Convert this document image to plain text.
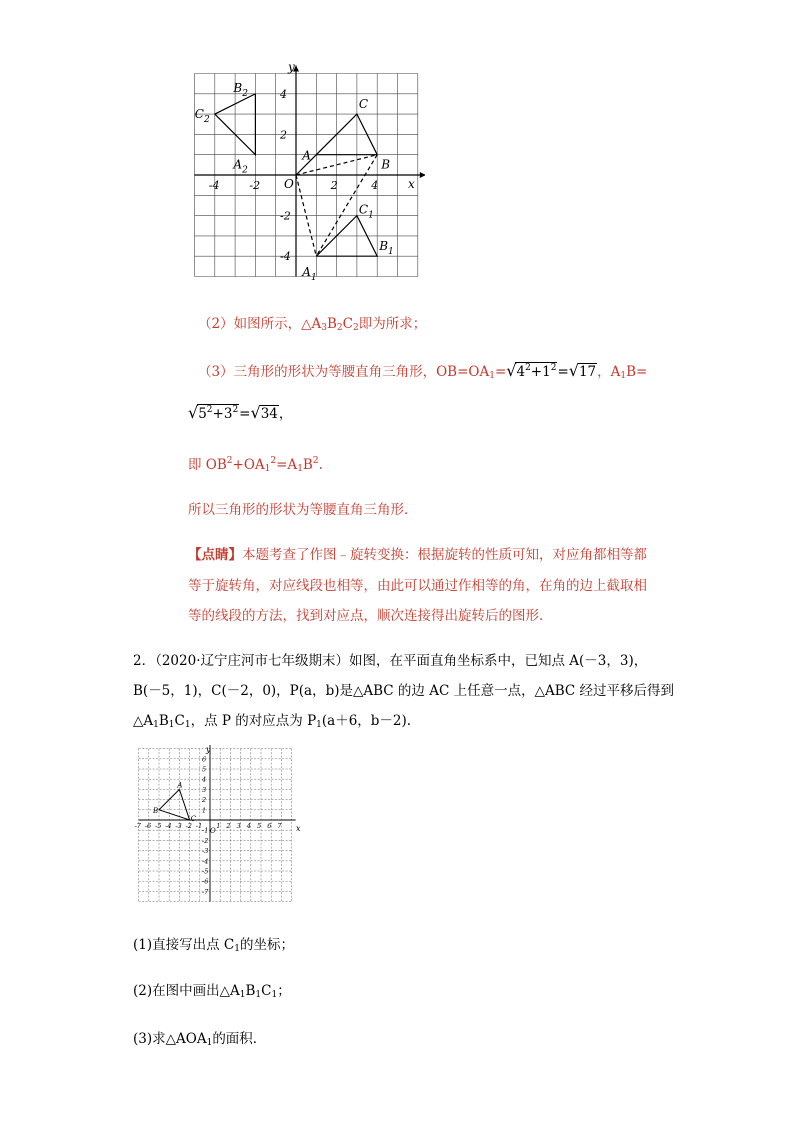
y
x
O
-4	-2	2	4
4
2
-2
-4
A
B
C
$B_2$
$C_2$
$A_2$
$A_1$
$B_1$
$C_1$
（2）如图所示，$\triangle A_3B_2C_2$即为所求；
（3）三角形的形状为等腰直角三角形，$OB=OA_1=√4^2+1^2=√17$，$A_1B=$
$√5^2+3^2=√34$，
即 $OB^2+OA_1^2=A_1B^2$.
所以三角形的形状为等腰直角三角形．
【点睛】本题考查了作图﹣旋转变换：根据旋转的性质可知，对应角都相等都
等于旋转角，对应线段也相等，由此可以通过作相等的角，在角的边上截取相
等的线段的方法，找到对应点，顺次连接得出旋转后的图形．
2．（2020·辽宁庄河市七年级期末）如图，在平面直角坐标系中，已知点 A(－3，3)，
B(－5，1)，C(－2，0)，P(a，b)是△ABC 的边 AC 上任意一点，△ABC 经过平移后得到
$\triangle A_1B_1C_1$，点 P 的对应点为 $P_1(a+6$，b－2).
y
x
O
-7 -6 -5 -4 -3 -2 -1 1 2 3 4 5 6 7
6
5
4
3
2
1
-1
-2
-3
-4
-5
-6
-7
A
B
C
(1)直接写出点 $C_1$的坐标；
(2)在图中画出$\triangle A_1B_1C_1$；
(3)求$\triangle AOA_1$的面积．
